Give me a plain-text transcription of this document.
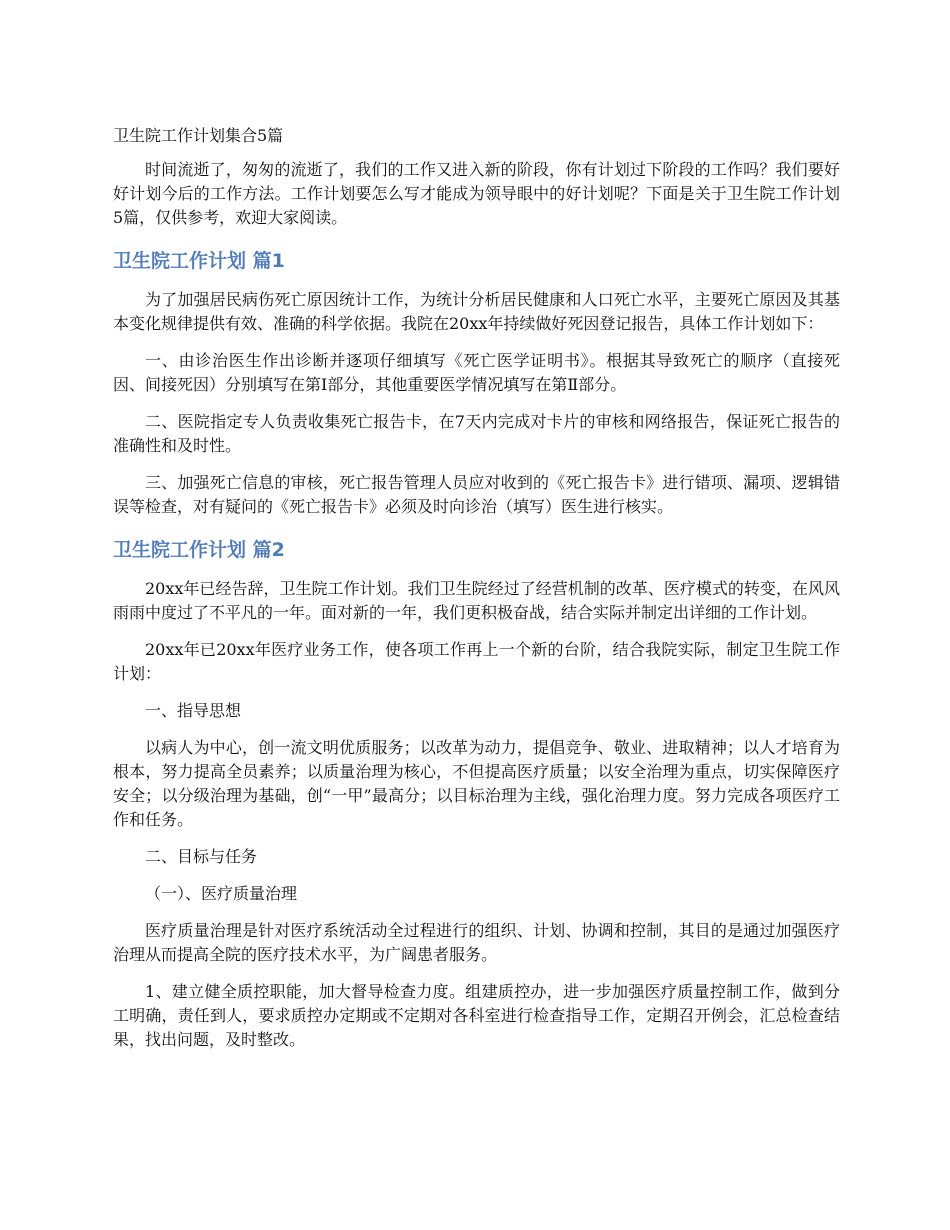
卫生院工作计划集合5篇

时间流逝了，匆匆的流逝了，我们的工作又进入新的阶段，你有计划过下阶段的工作吗？我们要好好计划今后的工作方法。工作计划要怎么写才能成为领导眼中的好计划呢？下面是关于卫生院工作计划5篇，仅供参考，欢迎大家阅读。

卫生院工作计划 篇1

为了加强居民病伤死亡原因统计工作，为统计分析居民健康和人口死亡水平，主要死亡原因及其基本变化规律提供有效、准确的科学依据。我院在20xx年持续做好死因登记报告，具体工作计划如下：

一、由诊治医生作出诊断并逐项仔细填写《死亡医学证明书》。根据其导致死亡的顺序（直接死因、间接死因）分别填写在第Ⅰ部分，其他重要医学情况填写在第Ⅱ部分。

二、医院指定专人负责收集死亡报告卡，在7天内完成对卡片的审核和网络报告，保证死亡报告的准确性和及时性。

三、加强死亡信息的审核，死亡报告管理人员应对收到的《死亡报告卡》进行错项、漏项、逻辑错误等检查，对有疑问的《死亡报告卡》必须及时向诊治（填写）医生进行核实。

卫生院工作计划 篇2

20xx年已经告辞，卫生院工作计划。我们卫生院经过了经营机制的改革、医疗模式的转变，在风风雨雨中度过了不平凡的一年。面对新的一年，我们更积极奋战，结合实际并制定出详细的工作计划。

20xx年已20xx年医疗业务工作，使各项工作再上一个新的台阶，结合我院实际，制定卫生院工作计划：

一、指导思想

以病人为中心，创一流文明优质服务；以改革为动力，提倡竞争、敬业、进取精神；以人才培育为根本，努力提高全员素养；以质量治理为核心，不但提高医疗质量；以安全治理为重点，切实保障医疗安全；以分级治理为基础，创“一甲”最高分；以目标治理为主线，强化治理力度。努力完成各项医疗工作和任务。

二、目标与任务

（一）、医疗质量治理

医疗质量治理是针对医疗系统活动全过程进行的组织、计划、协调和控制，其目的是通过加强医疗治理从而提高全院的医疗技术水平，为广阔患者服务。

1、建立健全质控职能，加大督导检查力度。组建质控办，进一步加强医疗质量控制工作，做到分工明确，责任到人，要求质控办定期或不定期对各科室进行检查指导工作，定期召开例会，汇总检查结果，找出问题，及时整改。
